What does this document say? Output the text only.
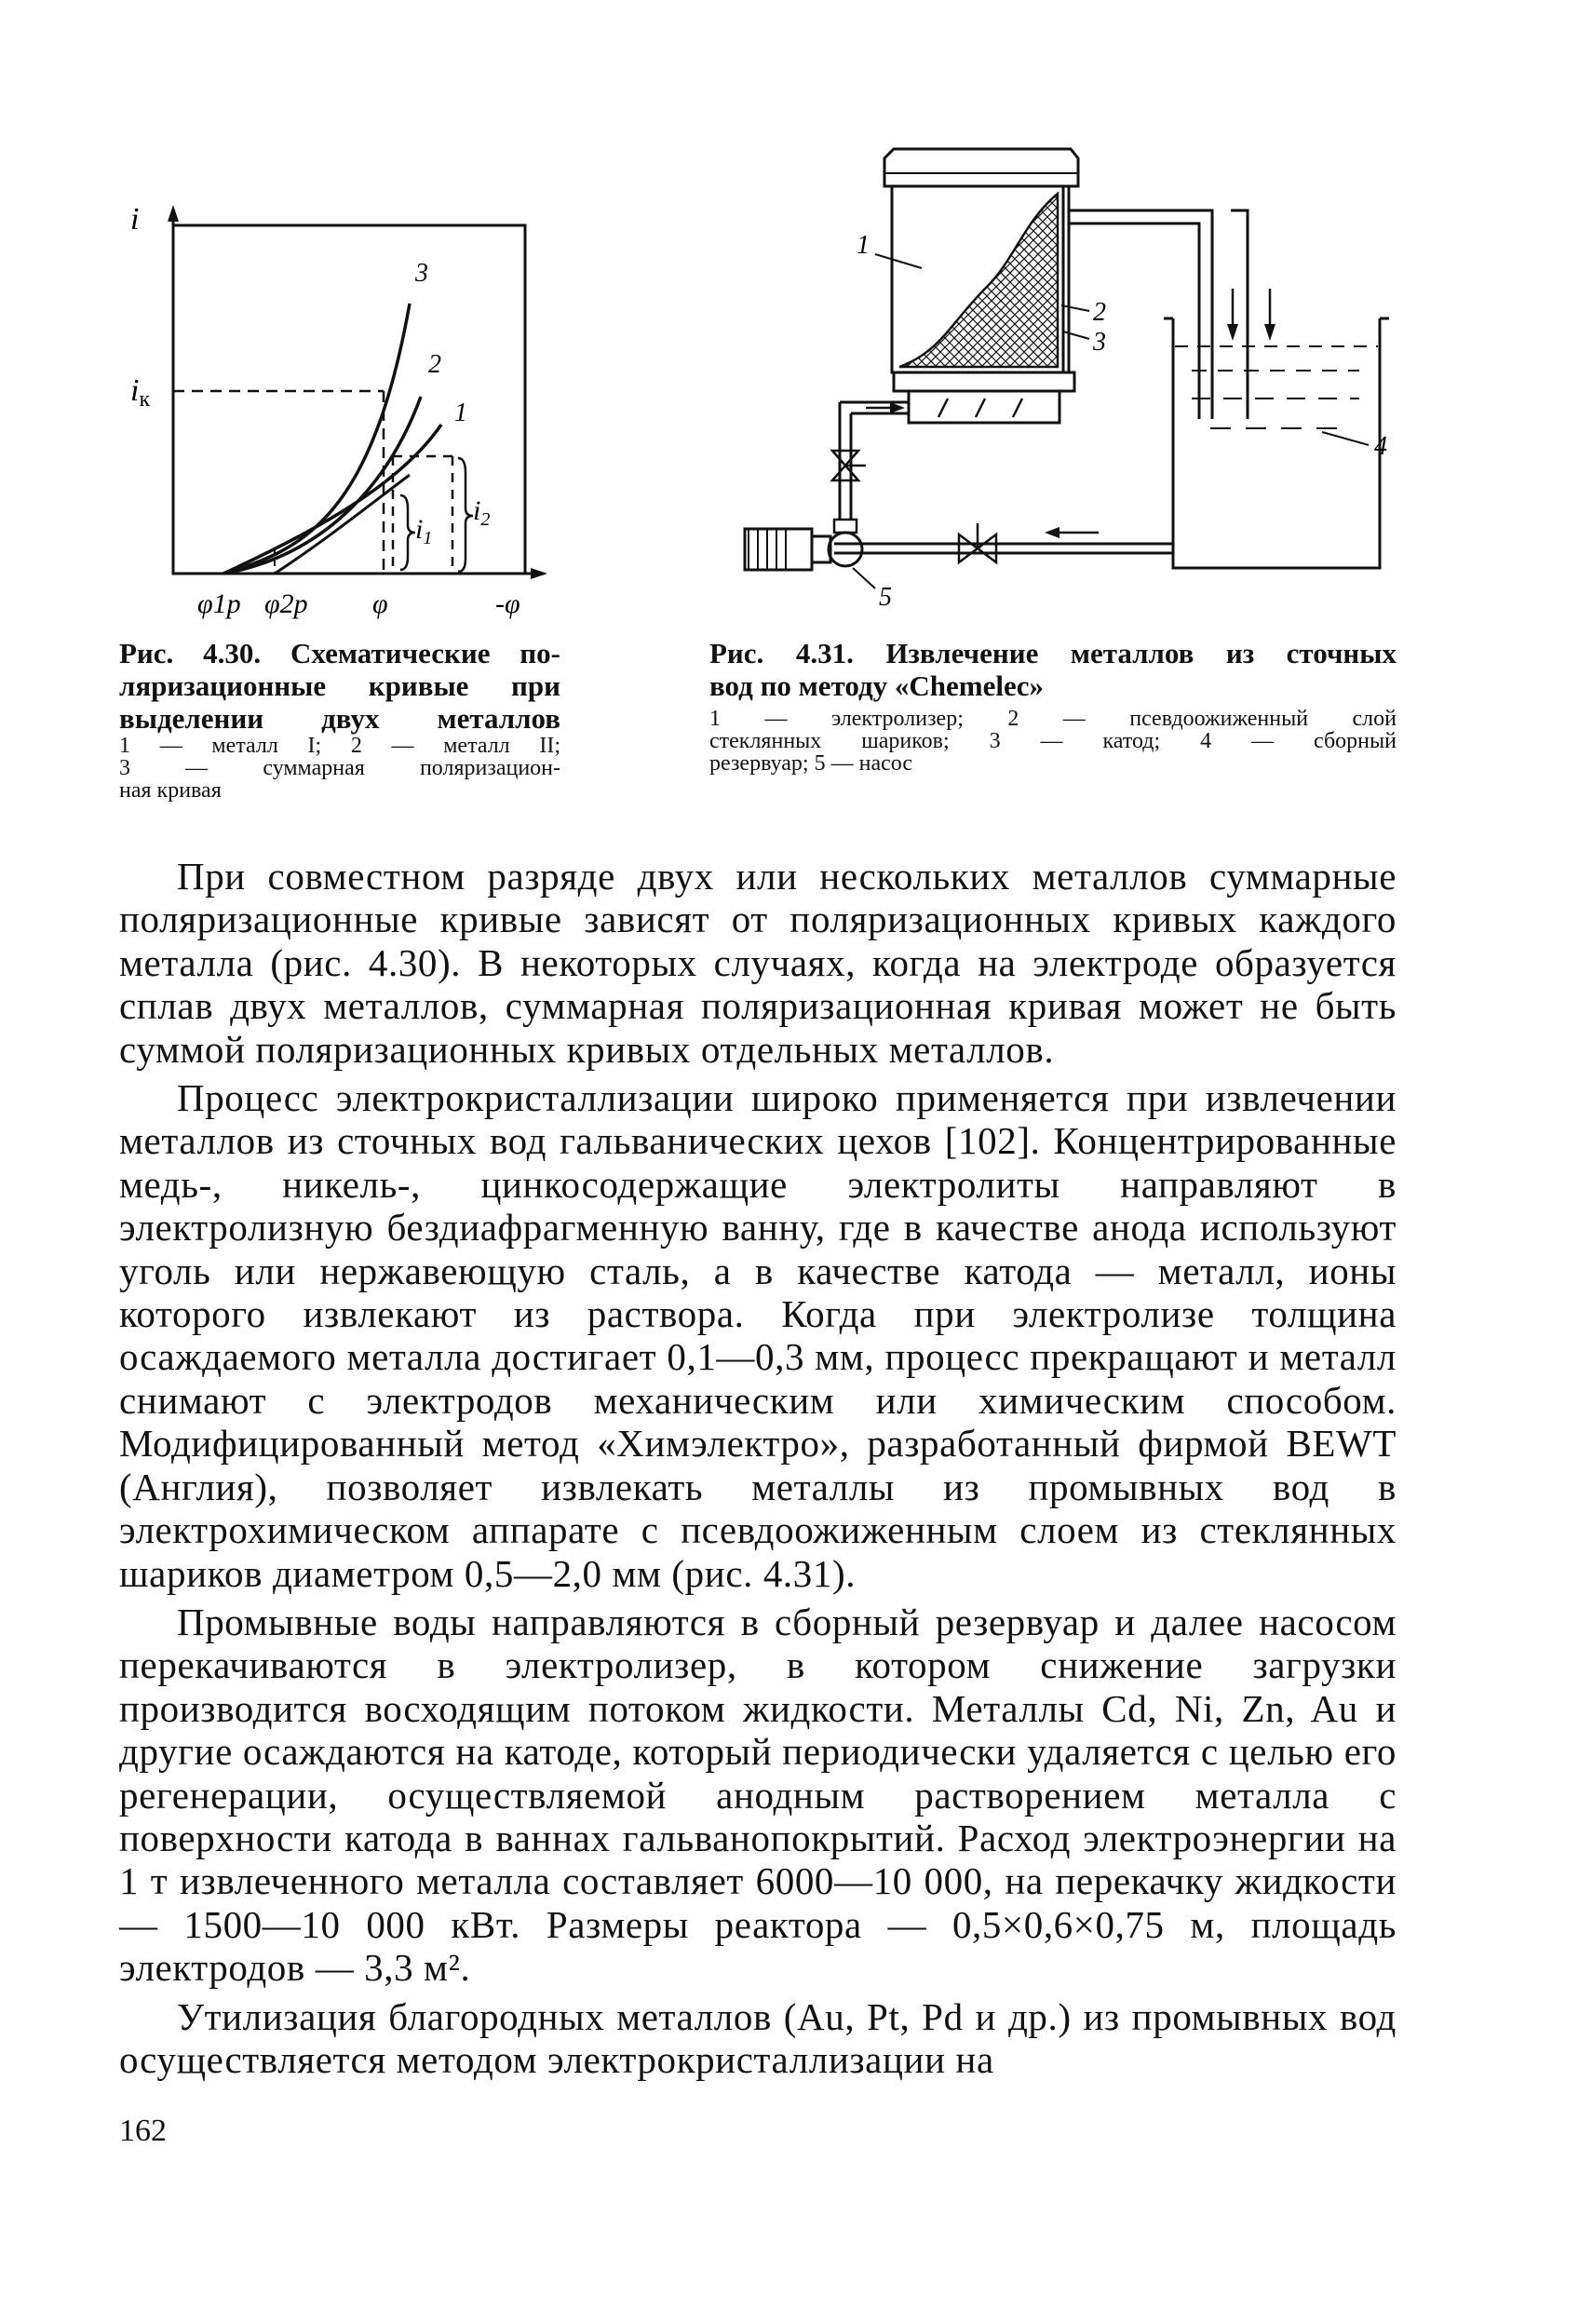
i
iк
3
2
1
$i_1$
$i_2$
φ1p φ2p φ	-φ

Рис. 4.30. Схематические по-

ляризационные кривые при

выделении двух металлов

1 — металл I; 2 — металл II;

3 — суммарная поляризацион-

ная кривая

1
2
3
4
5

Рис. 4.31. Извлечение металлов из сточных

вод по методу «Chemelec»

1 — электролизер; 2 — псевдоожиженный слой

стеклянных шариков; 3 — катод; 4 — сборный

резервуар; 5 — насос

При совместном разряде двух или нескольких металлов суммарные поляризационные кривые зависят от поляризационных кривых каждого металла (рис. 4.30). В некоторых случаях, когда на электроде образуется сплав двух металлов, суммарная поляризационная кривая может не быть суммой поляризационных кривых отдельных металлов.

Процесс электрокристаллизации широко применяется при извлечении металлов из сточных вод гальванических цехов [102]. Концентрированные медь-, никель-, цинкосодержащие электролиты направляют в электролизную бездиафрагменную ванну, где в качестве анода используют уголь или нержавеющую сталь, а в качестве катода — металл, ионы которого извлекают из раствора. Когда при электролизе толщина осаждаемого металла достигает 0,1—0,3 мм, процесс прекращают и металл снимают с электродов механическим или химическим способом. Модифицированный метод «Химэлектро», разработанный фирмой BEWT (Англия), позволяет извлекать металлы из промывных вод в электрохимическом аппарате с псевдоожиженным слоем из стеклянных шариков диаметром 0,5—2,0 мм (рис. 4.31).

Промывные воды направляются в сборный резервуар и далее насосом перекачиваются в электролизер, в котором снижение загрузки производится восходящим потоком жидкости. Металлы Cd, Ni, Zn, Au и другие осаждаются на катоде, который периодически удаляется с целью его регенерации, осуществляемой анодным растворением металла с поверхности катода в ваннах гальванопокрытий. Расход электроэнергии на 1 т извлеченного металла составляет 6000—10 000, на перекачку жидкости — 1500—10 000 кВт. Размеры реактора — 0,5×0,6×0,75 м, площадь электродов — 3,3 м².

Утилизация благородных металлов (Au, Pt, Pd и др.) из промывных вод осуществляется методом электрокристаллизации на

162
